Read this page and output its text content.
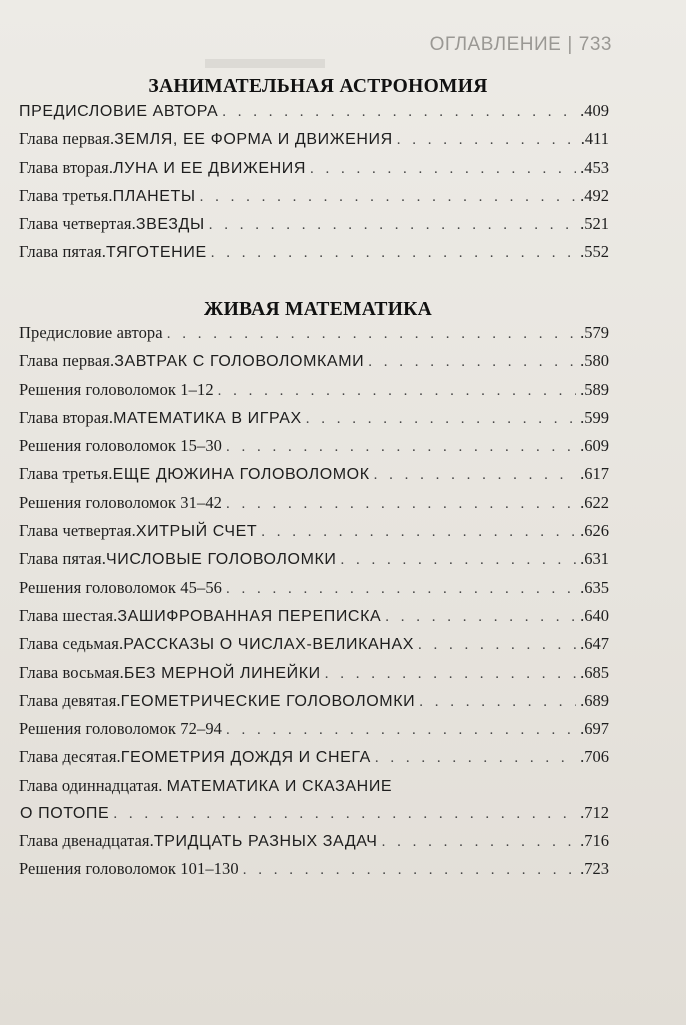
▬▬▬▬	ОГЛАВЛЕНИЕ | 733
ЗАНИМАТЕЛЬНАЯ АСТРОНОМИЯ
ПРЕДИСЛОВИЕ АВТОРА . . .	.409
Глава первая. ЗЕМЛЯ, ЕЕ ФОРМА И ДВИЖЕНИЯ . . .	.411
Глава вторая. ЛУНА И ЕЕ ДВИЖЕНИЯ . . .	.453
Глава третья. ПЛАНЕТЫ . . .	.492
Глава четвертая. ЗВЕЗДЫ . . .	.521
Глава пятая. ТЯГОТЕНИЕ . . .	.552
ЖИВАЯ МАТЕМАТИКА
Предисловие автора . . .	.579
Глава первая. ЗАВТРАК С ГОЛОВОЛОМКАМИ . . .	.580
Решения головоломок 1–12 . . .	.589
Глава вторая. МАТЕМАТИКА В ИГРАХ . . .	.599
Решения головоломок 15–30 . . .	.609
Глава третья. ЕЩЕ ДЮЖИНА ГОЛОВОЛОМОК . . .	.617
Решения головоломок 31–42 . . .	.622
Глава четвертая. ХИТРЫЙ СЧЕТ . . .	.626
Глава пятая. ЧИСЛОВЫЕ ГОЛОВОЛОМКИ . . .	.631
Решения головоломок 45–56 . . .	.635
Глава шестая. ЗАШИФРОВАННАЯ ПЕРЕПИСКА . . .	.640
Глава седьмая. РАССКАЗЫ О ЧИСЛАХ-ВЕЛИКАНАХ . . .	.647
Глава восьмая. БЕЗ МЕРНОЙ ЛИНЕЙКИ . . .	.685
Глава девятая. ГЕОМЕТРИЧЕСКИЕ ГОЛОВОЛОМКИ . . .	.689
Решения головоломок 72–94 . . .	.697
Глава десятая. ГЕОМЕТРИЯ ДОЖДЯ И СНЕГА . . .	.706
Глава одиннадцатая. МАТЕМАТИКА И СКАЗАНИЕ
О ПОТОПЕ . . .	.712
Глава двенадцатая. ТРИДЦАТЬ РАЗНЫХ ЗАДАЧ . . .	.716
Решения головоломок 101–130 . . .	.723
